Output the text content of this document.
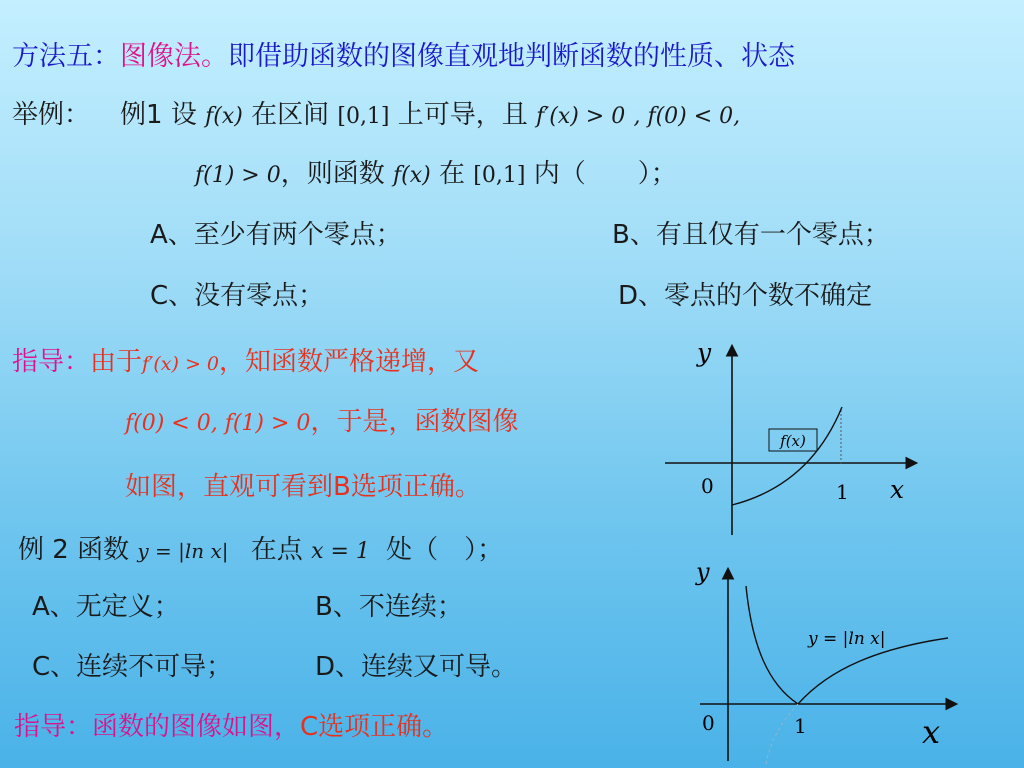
方法五：图像法。即借助函数的图像直观地判断函数的性质、状态
举例： 例1 设 f(x) 在区间 [0,1] 上可导，且 f′(x) > 0 , f(0) < 0,
f(1) > 0，则函数 f(x) 在 [0,1] 内（　　）；
A、至少有两个零点；	B、有且仅有一个零点；
C、没有零点；	D、零点的个数不确定
指导：由于f′(x) > 0，知函数严格递增，又
f(0) < 0, f(1) > 0，于是，函数图像
如图，直观可看到B选项正确。
f(x)
y
x
0	1
例 2 函数 y = |ln x| 在点 x = 1 处（　）；
A、无定义；	B、不连续；
C、连续不可导；	D、连续又可导。
指导：函数的图像如图，C选项正确。
y = |ln x|
y
x
0	1
